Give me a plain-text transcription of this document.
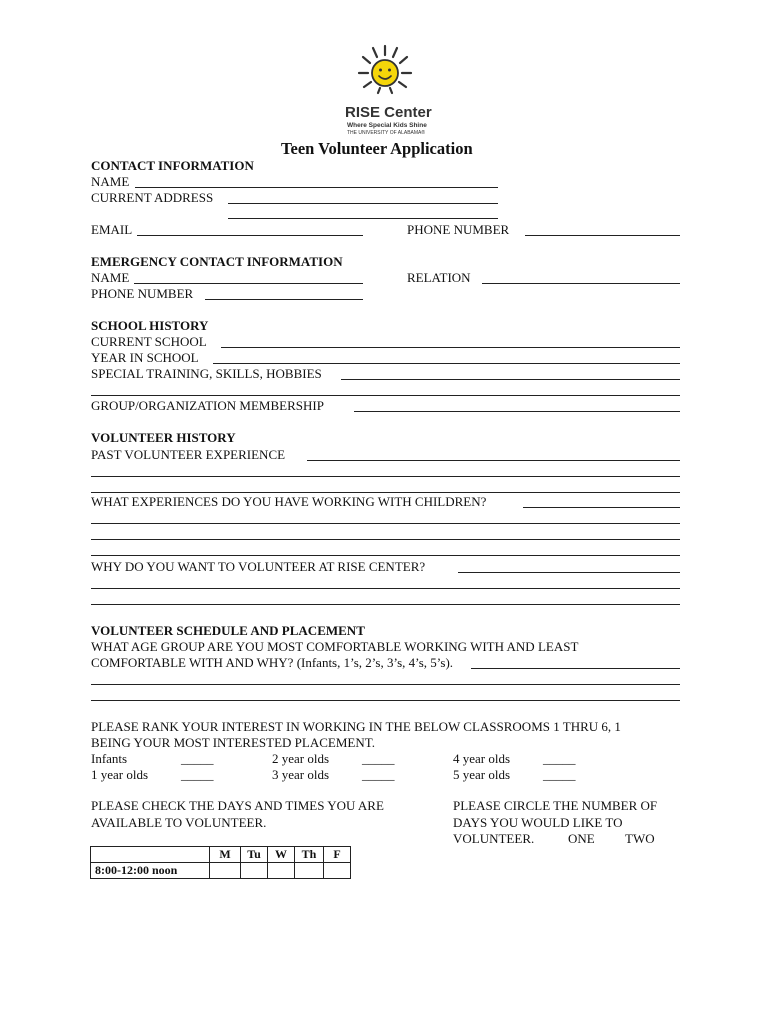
RISE Center
Where Special Kids Shine
THE UNIVERSITY OF ALABAMA®
Teen Volunteer Application
CONTACT INFORMATION
NAME
CURRENT ADDRESS
EMAIL	PHONE NUMBER
EMERGENCY CONTACT INFORMATION
NAME	RELATION
PHONE NUMBER
SCHOOL HISTORY
CURRENT SCHOOL
YEAR IN SCHOOL
SPECIAL TRAINING, SKILLS, HOBBIES
GROUP/ORGANIZATION MEMBERSHIP
VOLUNTEER HISTORY
PAST VOLUNTEER EXPERIENCE
WHAT EXPERIENCES DO YOU HAVE WORKING WITH CHILDREN?
WHY DO YOU WANT TO VOLUNTEER AT RISE CENTER?
VOLUNTEER SCHEDULE AND PLACEMENT
WHAT AGE GROUP ARE YOU MOST COMFORTABLE WORKING WITH AND LEAST
COMFORTABLE WITH AND WHY? (Infants, 1’s, 2’s, 3’s, 4’s, 5’s).
PLEASE RANK YOUR INTEREST IN WORKING IN THE BELOW CLASSROOMS 1 THRU 6, 1
BEING YOUR MOST INTERESTED PLACEMENT.
Infants	_____
1 year olds	_____
2 year olds	_____
3 year olds	_____
4 year olds	_____
5 year olds	_____
PLEASE CHECK THE DAYS AND TIMES YOU ARE
AVAILABLE TO VOLUNTEER.
PLEASE CIRCLE THE NUMBER OF
DAYS YOU WOULD LIKE TO
VOLUNTEER.	ONE TWO
	M	Tu	W	Th	F
8:00-12:00 noon					
